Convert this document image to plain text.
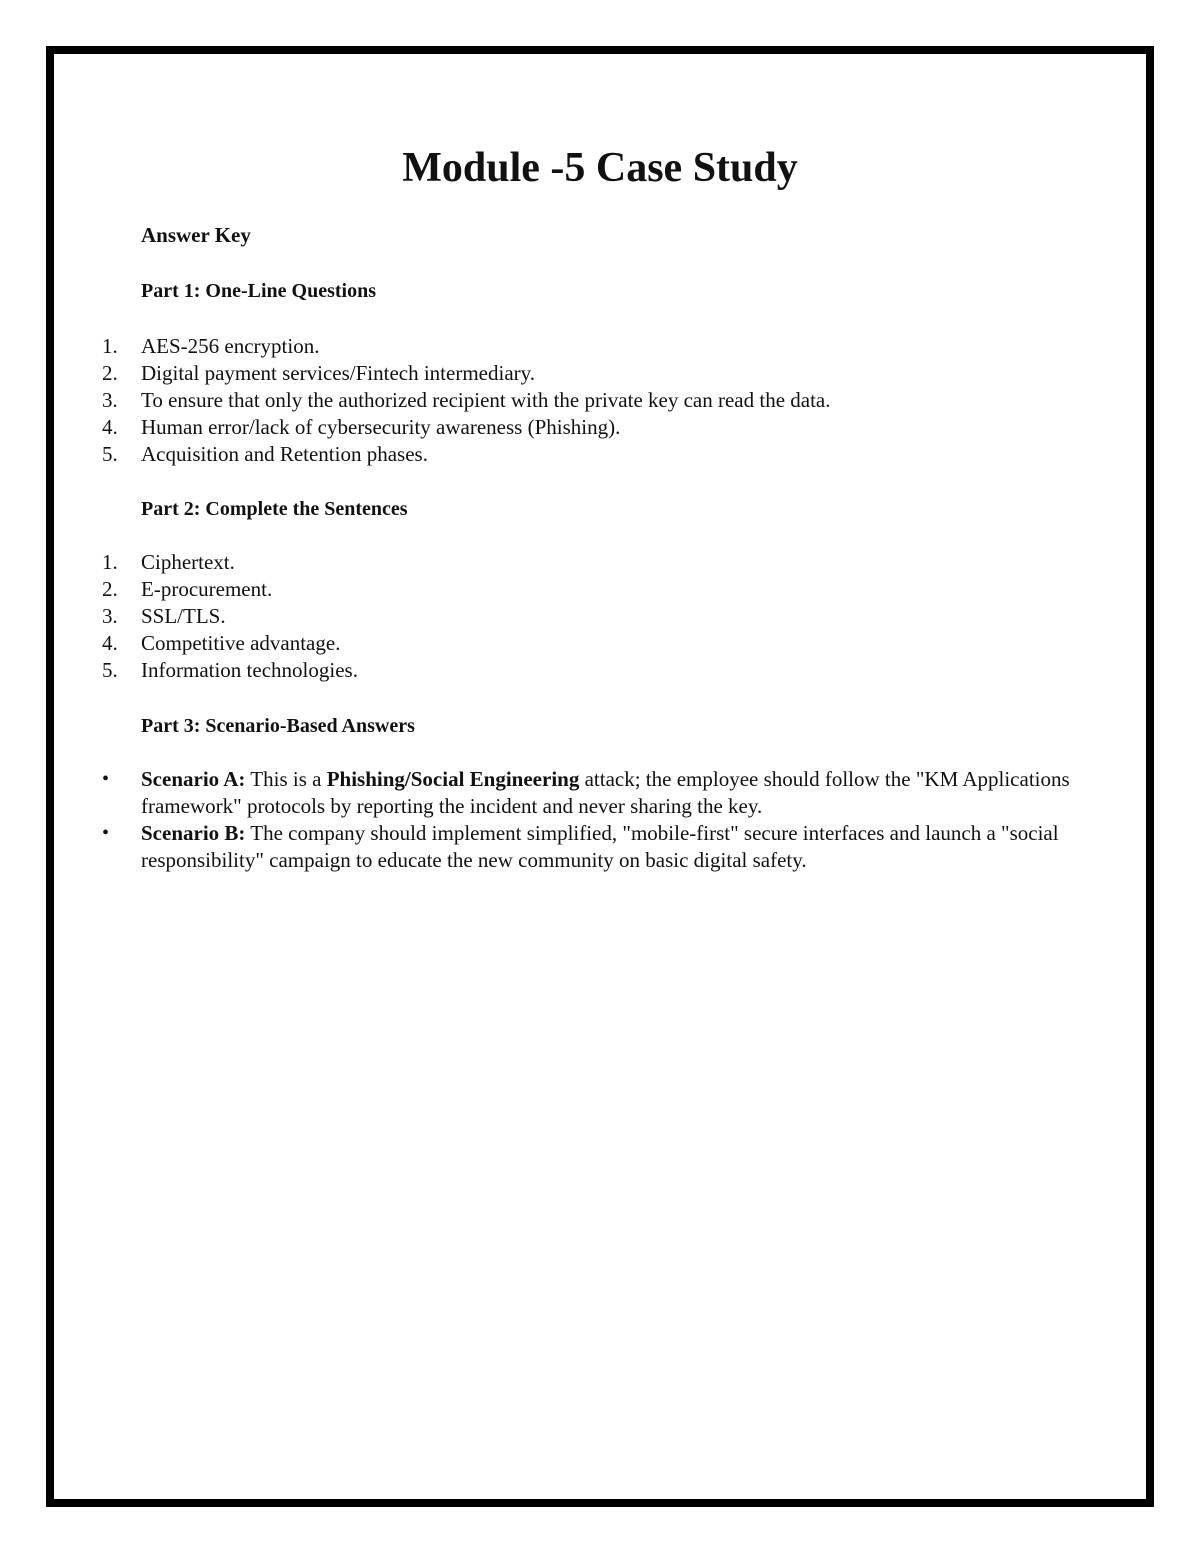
Module -5 Case Study
Answer Key
Part 1: One-Line Questions
1.	AES-256 encryption.
2.	Digital payment services/Fintech intermediary.
3.	To ensure that only the authorized recipient with the private key can read the data.
4.	Human error/lack of cybersecurity awareness (Phishing).
5.	Acquisition and Retention phases.
Part 2: Complete the Sentences
1.	Ciphertext.
2.	E-procurement.
3.	SSL/TLS.
4.	Competitive advantage.
5.	Information technologies.
Part 3: Scenario-Based Answers
•	Scenario A: This is a Phishing/Social Engineering attack; the employee should follow the "KM Applications framework" protocols by reporting the incident and never sharing the key.
•	Scenario B: The company should implement simplified, "mobile-first" secure interfaces and launch a "social responsibility" campaign to educate the new community on basic digital safety.
